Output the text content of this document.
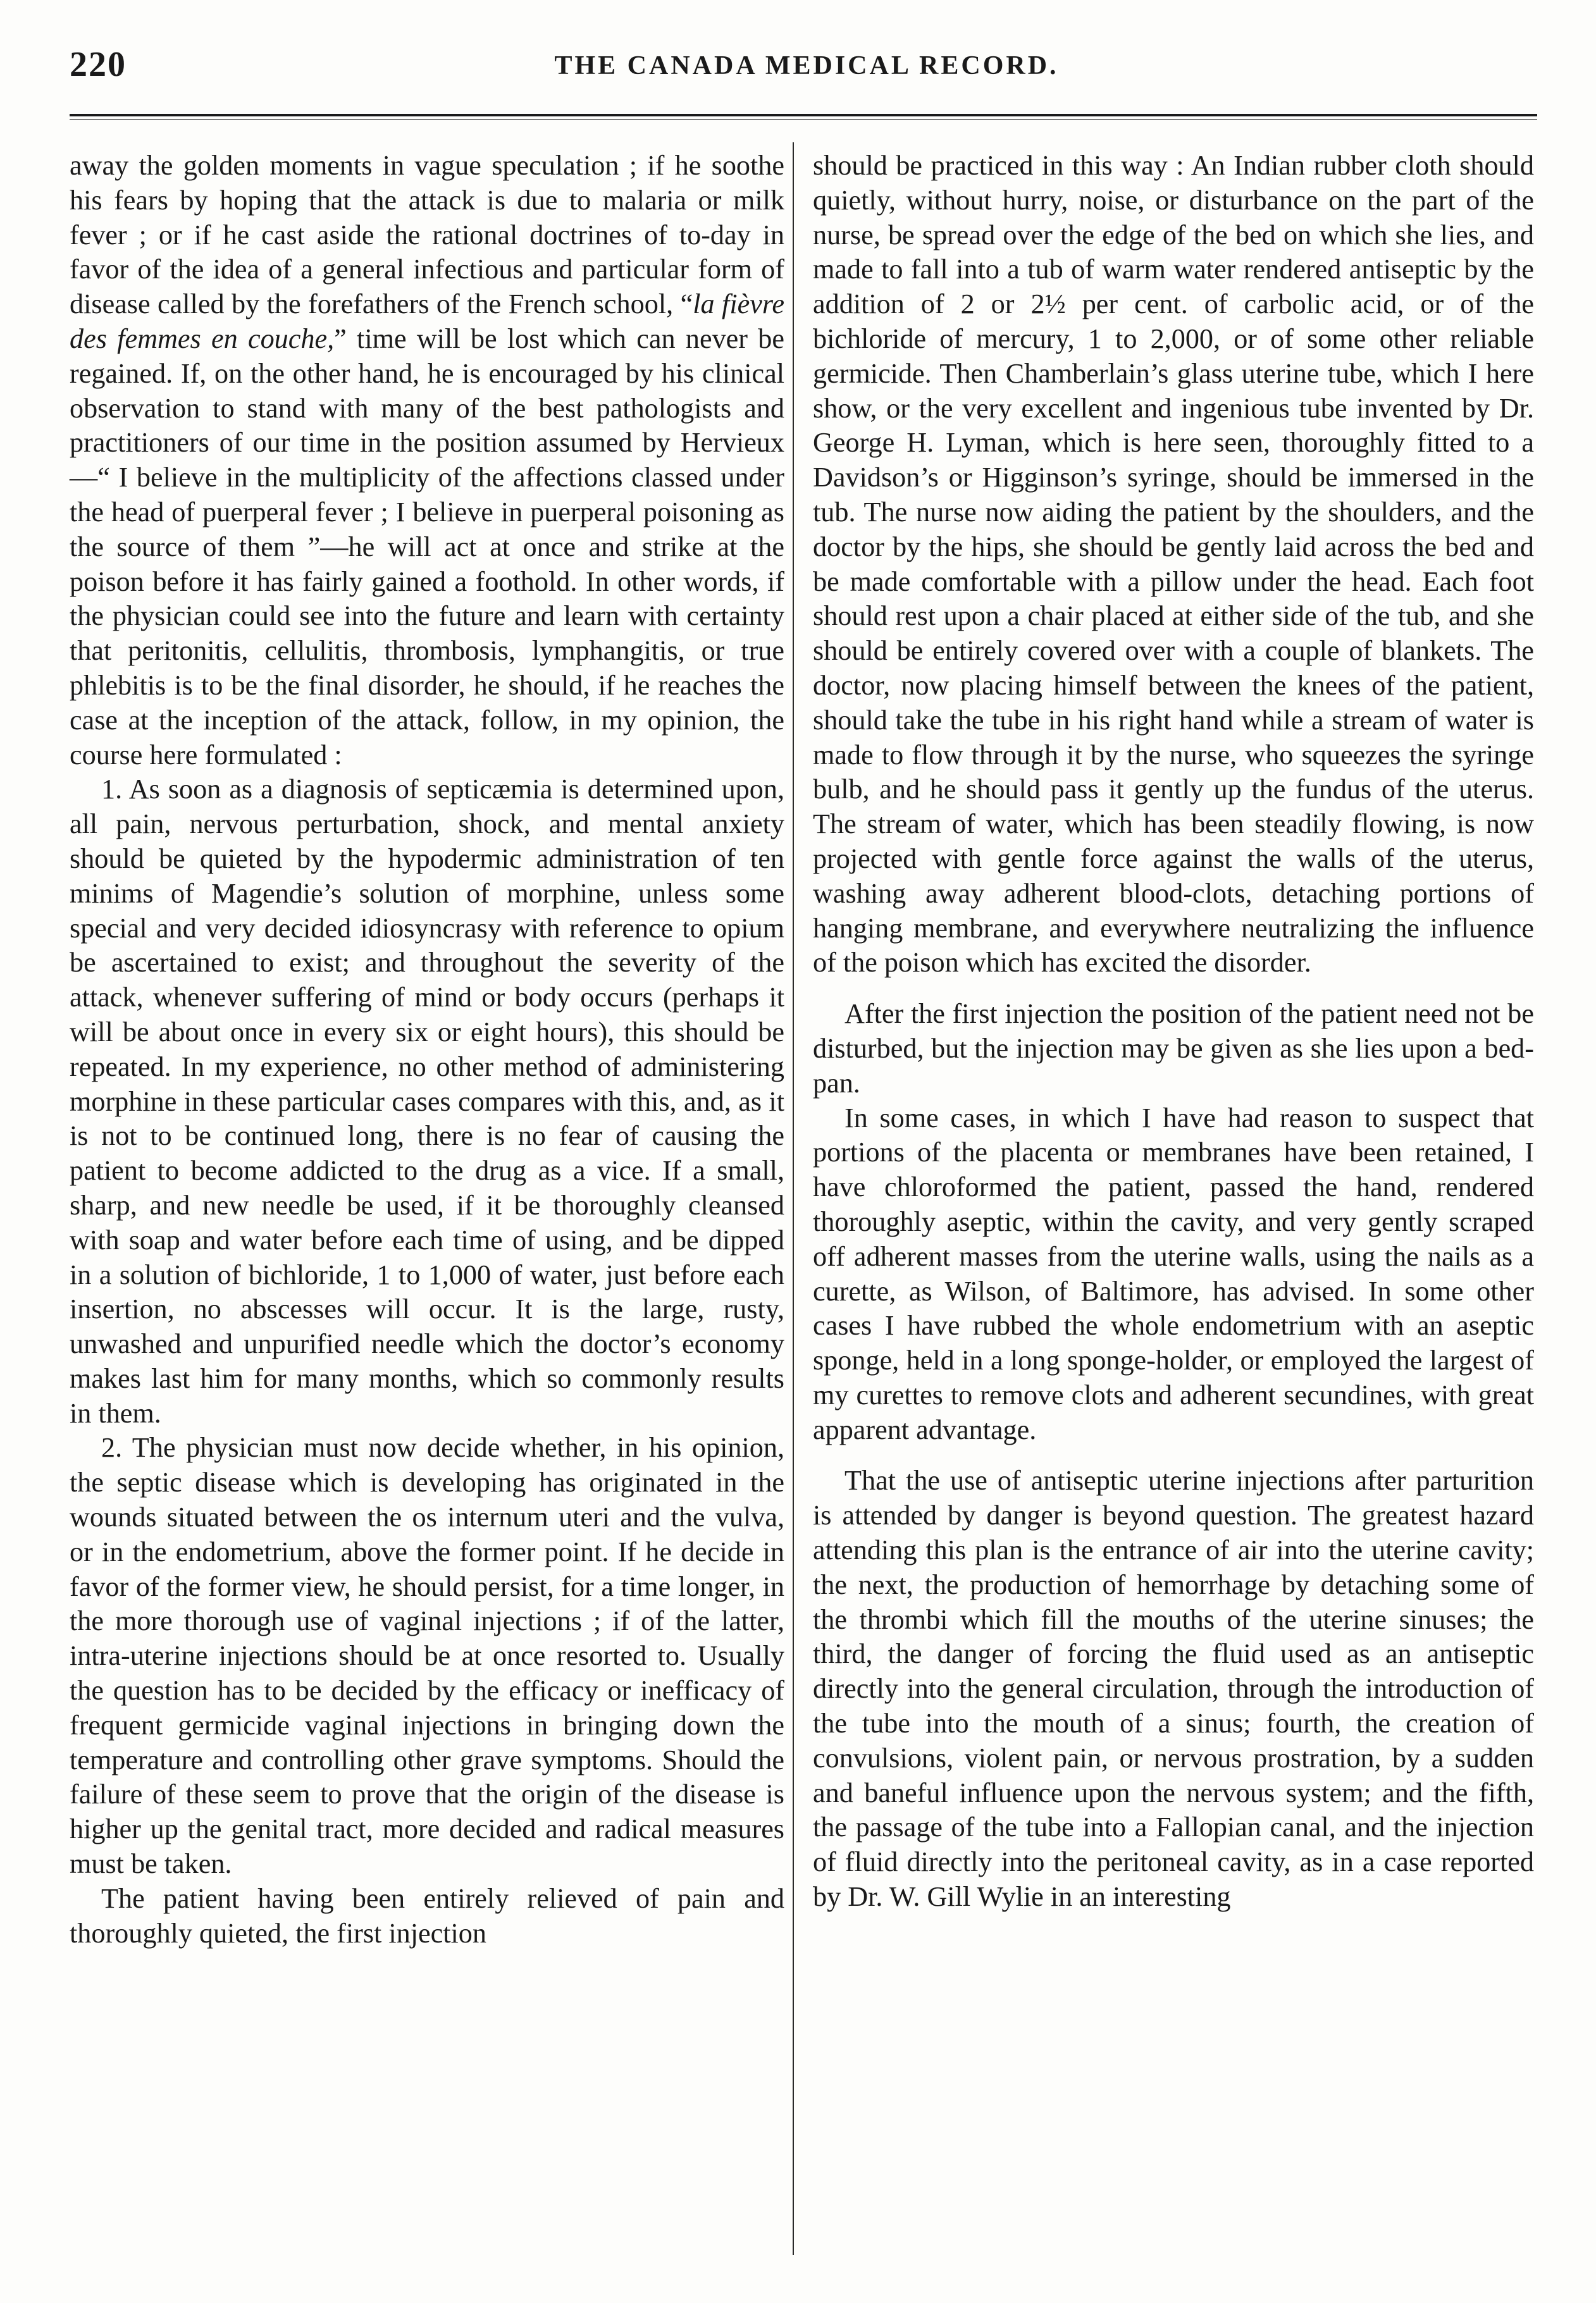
220	THE CANADA MEDICAL RECORD.

away the golden moments in vague speculation ; if he soothe his fears by hoping that the attack is due to malaria or milk fever ; or if he cast aside the rational doctrines of to-day in favor of the idea of a general infectious and particular form of disease called by the forefathers of the French school, “la fièvre des femmes en couche,” time will be lost which can never be regained. If, on the other hand, he is encouraged by his clinical observation to stand with many of the best pathologists and practitioners of our time in the position assumed by Hervieux—“ I believe in the multiplicity of the affections classed under the head of puerperal fever ; I believe in puerperal poisoning as the source of them ”—he will act at once and strike at the poison before it has fairly gained a foothold. In other words, if the physician could see into the future and learn with certainty that peritonitis, cellulitis, thrombosis, lymphangitis, or true phlebitis is to be the final disorder, he should, if he reaches the case at the inception of the attack, follow, in my opinion, the course here formulated :

1. As soon as a diagnosis of septicæmia is determined upon, all pain, nervous perturbation, shock, and mental anxiety should be quieted by the hypodermic administration of ten minims of Magendie’s solution of morphine, unless some special and very decided idiosyncrasy with reference to opium be ascertained to exist; and throughout the severity of the attack, whenever suffering of mind or body occurs (perhaps it will be about once in every six or eight hours), this should be repeated. In my experience, no other method of administering morphine in these particular cases compares with this, and, as it is not to be continued long, there is no fear of causing the patient to become addicted to the drug as a vice. If a small, sharp, and new needle be used, if it be thoroughly cleansed with soap and water before each time of using, and be dipped in a solution of bichloride, 1 to 1,000 of water, just before each insertion, no abscesses will occur. It is the large, rusty, unwashed and unpurified needle which the doctor’s economy makes last him for many months, which so commonly results in them.

2. The physician must now decide whether, in his opinion, the septic disease which is developing has originated in the wounds situated between the os internum uteri and the vulva, or in the endometrium, above the former point. If he decide in favor of the former view, he should persist, for a time longer, in the more thorough use of vaginal injections ; if of the latter, intra-uterine injections should be at once resorted to. Usually the question has to be decided by the efficacy or inefficacy of frequent germicide vaginal injections in bringing down the temperature and controlling other grave symptoms. Should the failure of these seem to prove that the origin of the disease is higher up the genital tract, more decided and radical measures must be taken.

The patient having been entirely relieved of pain and thoroughly quieted, the first injection

should be practiced in this way : An Indian rubber cloth should quietly, without hurry, noise, or disturbance on the part of the nurse, be spread over the edge of the bed on which she lies, and made to fall into a tub of warm water rendered antiseptic by the addition of 2 or 2½ per cent. of carbolic acid, or of the bichloride of mercury, 1 to 2,000, or of some other reliable germicide. Then Chamberlain’s glass uterine tube, which I here show, or the very excellent and ingenious tube invented by Dr. George H. Lyman, which is here seen, thoroughly fitted to a Davidson’s or Higginson’s syringe, should be immersed in the tub. The nurse now aiding the patient by the shoulders, and the doctor by the hips, she should be gently laid across the bed and be made comfortable with a pillow under the head. Each foot should rest upon a chair placed at either side of the tub, and she should be entirely covered over with a couple of blankets. The doctor, now placing himself between the knees of the patient, should take the tube in his right hand while a stream of water is made to flow through it by the nurse, who squeezes the syringe bulb, and he should pass it gently up the fundus of the uterus. The stream of water, which has been steadily flowing, is now projected with gentle force against the walls of the uterus, washing away adherent blood-clots, detaching portions of hanging membrane, and everywhere neutralizing the influence of the poison which has excited the disorder.

After the first injection the position of the patient need not be disturbed, but the injection may be given as she lies upon a bed-pan.

In some cases, in which I have had reason to suspect that portions of the placenta or membranes have been retained, I have chloroformed the patient, passed the hand, rendered thoroughly aseptic, within the cavity, and very gently scraped off adherent masses from the uterine walls, using the nails as a curette, as Wilson, of Baltimore, has advised. In some other cases I have rubbed the whole endometrium with an aseptic sponge, held in a long sponge-holder, or employed the largest of my curettes to remove clots and adherent secundines, with great apparent advantage.

That the use of antiseptic uterine injections after parturition is attended by danger is beyond question. The greatest hazard attending this plan is the entrance of air into the uterine cavity; the next, the production of hemorrhage by detaching some of the thrombi which fill the mouths of the uterine sinuses; the third, the danger of forcing the fluid used as an antiseptic directly into the general circulation, through the introduction of the tube into the mouth of a sinus; fourth, the creation of convulsions, violent pain, or nervous prostration, by a sudden and baneful influence upon the nervous system; and the fifth, the passage of the tube into a Fallopian canal, and the injection of fluid directly into the peritoneal cavity, as in a case reported by Dr. W. Gill Wylie in an interesting
